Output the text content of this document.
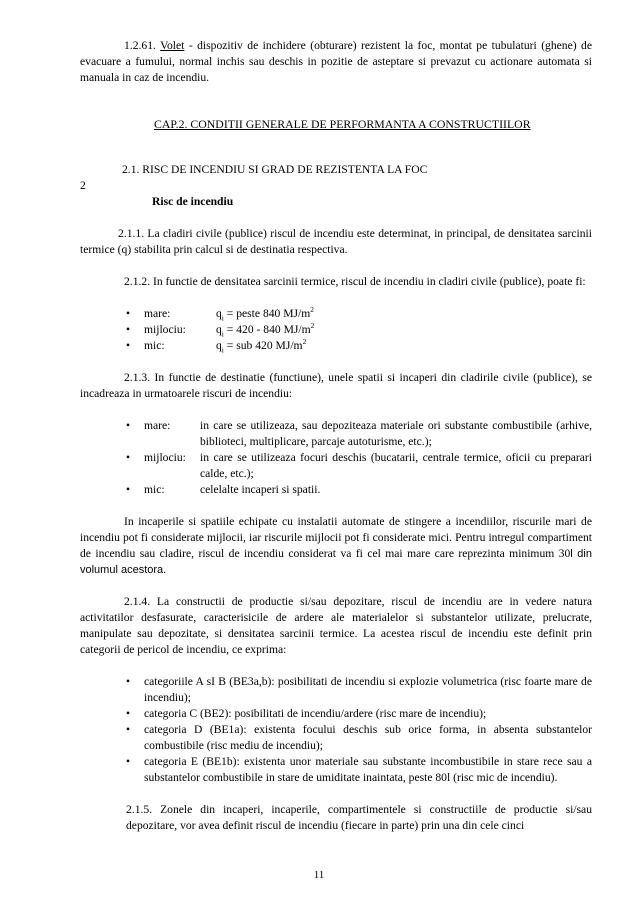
1.2.61. Volet - dispozitiv de inchidere (obturare) rezistent la foc, montat pe tubulaturi (ghene) de evacuare a fumului, normal inchis sau deschis in pozitie de asteptare si prevazut cu actionare automata si manuala in caz de incendiu.

CAP.2. CONDITII GENERALE DE PERFORMANTA A CONSTRUCTIILOR

2.1. RISC DE INCENDIU SI GRAD DE REZISTENTA LA FOC

2

Risc de incendiu

2.1.1. La cladiri civile (publice) riscul de incendiu este determinat, in principal, de densitatea sarcinii termice (q) stabilita prin calcul si de destinatia respectiva.

2.1.2. In functie de densitatea sarcinii termice, riscul de incendiu in cladiri civile (publice), poate fi:

• mare:	$q_i$ = peste 840 $MJ/m^2$
• mijlociu:	$q_i = 420 - 840$ $MJ/m^2$
• mic:	$q_i$ = sub 420 $MJ/m^2$

2.1.3. In functie de destinatie (functiune), unele spatii si incaperi din cladirile civile (publice), se incadreaza in urmatoarele riscuri de incendiu:

• mare:	in care se utilizeaza, sau depoziteaza materiale ori substante combustibile (arhive, biblioteci, multiplicare, parcaje autoturisme, etc.);
• mijlociu:	in care se utilizeaza focuri deschis (bucatarii, centrale termice, oficii cu preparari calde, etc.);
• mic:	celelalte incaperi si spatii.

In incaperile si spatiile echipate cu instalatii automate de stingere a incendiilor, riscurile mari de incendiu pot fi considerate mijlocii, iar riscurile mijlocii pot fi considerate mici. Pentru intregul compartiment de incendiu sau cladire, riscul de incendiu considerat va fi cel mai mare care reprezinta minimum 30l din volumul acestora.

2.1.4. La constructii de productie si/sau depozitare, riscul de incendiu are in vedere natura activitatilor desfasurate, caracterisicile de ardere ale materialelor si substantelor utilizate, prelucrate, manipulate sau depozitate, si densitatea sarcinii termice. La acestea riscul de incendiu este definit prin categorii de pericol de incendiu, ce exprima:

• categoriile A sI B (BE3a,b): posibilitati de incendiu si explozie volumetrica (risc foarte mare de incendiu);
• categoria C (BE2): posibilitati de incendiu/ardere (risc mare de incendiu);
• categoria D (BE1a): existenta focului deschis sub orice forma, in absenta substantelor combustibile (risc mediu de incendiu);
• categoria E (BE1b): existenta unor materiale sau substante incombustibile in stare rece sau a substantelor combustibile in stare de umiditate inaintata, peste 80l (risc mic de incendiu).
2.1.5. Zonele din incaperi, incaperile, compartimentele si constructiile de productie si/sau depozitare, vor avea definit riscul de incendiu (fiecare in parte) prin una din cele cinci
11
